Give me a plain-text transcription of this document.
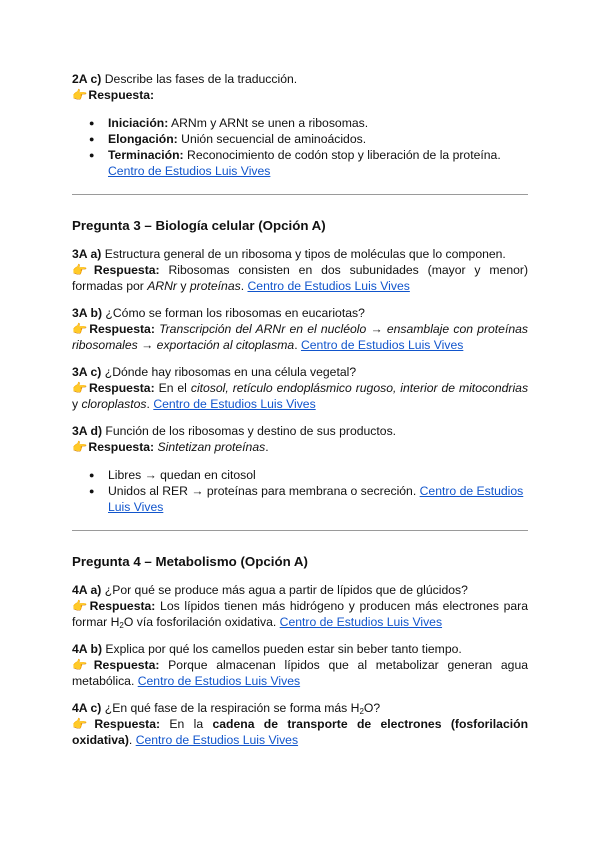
2A c) Describe las fases de la traducción.

👉 Respuesta:

● Iniciación: ARNm y ARNt se unen a ribosomas.
● Elongación: Unión secuencial de aminoácidos.
● Terminación: Reconocimiento de codón stop y liberación de la proteína.
Centro de Estudios Luis Vives

Pregunta 3 – Biología celular (Opción A)

3A a) Estructura general de un ribosoma y tipos de moléculas que lo componen.

👉 Respuesta: Ribosomas consisten en dos subunidades (mayor y menor) formadas por ARNr y proteínas. Centro de Estudios Luis Vives

3A b) ¿Cómo se forman los ribosomas en eucariotas?

👉 Respuesta: Transcripción del ARNr en el nucléolo → ensamblaje con proteínas ribosomales → exportación al citoplasma. Centro de Estudios Luis Vives

3A c) ¿Dónde hay ribosomas en una célula vegetal?

👉 Respuesta: En el citosol, retículo endoplásmico rugoso, interior de mitocondrias y cloroplastos. Centro de Estudios Luis Vives

3A d) Función de los ribosomas y destino de sus productos.

👉 Respuesta: Sintetizan proteínas.

● Libres → quedan en citosol
● Unidos al RER → proteínas para membrana o secreción. Centro de Estudios Luis Vives

Pregunta 4 – Metabolismo (Opción A)

4A a) ¿Por qué se produce más agua a partir de lípidos que de glúcidos?

👉 Respuesta: Los lípidos tienen más hidrógeno y producen más electrones para formar $H_2O$ vía fosforilación oxidativa. Centro de Estudios Luis Vives

4A b) Explica por qué los camellos pueden estar sin beber tanto tiempo.

👉 Respuesta: Porque almacenan lípidos que al metabolizar generan agua metabólica. Centro de Estudios Luis Vives

4A c) ¿En qué fase de la respiración se forma más $H_2O$?

👉 Respuesta: En la cadena de transporte de electrones (fosforilación oxidativa). Centro de Estudios Luis Vives
